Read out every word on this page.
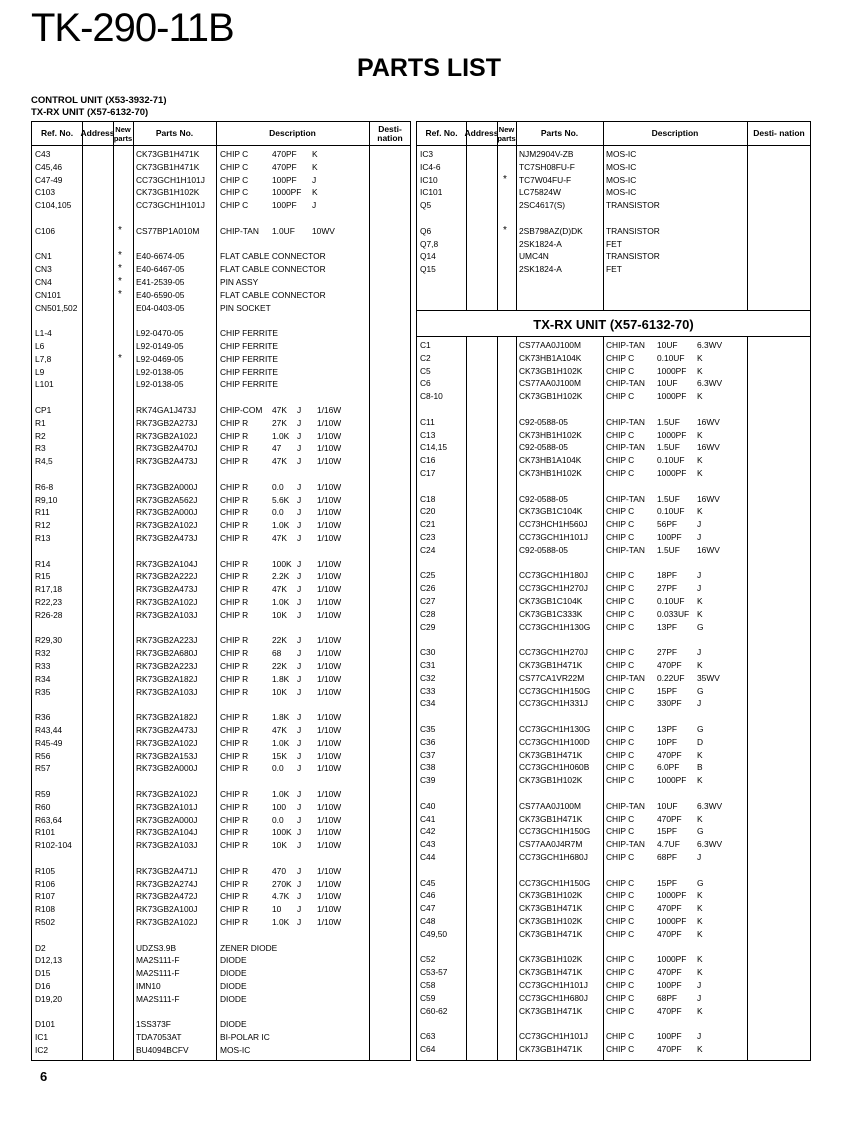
TK-290-11B
PARTS LIST
CONTROL UNIT (X53-3932-71)
TX-RX UNIT (X57-6132-70)
Ref. No. Address New parts	Parts No.	Description	Desti- nation
C43	CK73GB1H471K CHIP C	470PF K
C45,46	CK73GB1H471K CHIP C	470PF K
C47-49	CC73GCH1H101J CHIP C	100PF J
C103	CK73GB1H102K CHIP C	1000PF K
C104,105	CC73GCH1H101J CHIP C	100PF J
C106	* CS77BP1A010M CHIP-TAN 1.0UF 10WV
CN1	* E40-6674-05	FLAT CABLE CONNECTOR
CN3	* E40-6467-05	FLAT CABLE CONNECTOR
CN4	* E41-2539-05	PIN ASSY
CN101	* E40-6590-05	FLAT CABLE CONNECTOR
CN501,502	E04-0403-05	PIN SOCKET
L1-4	L92-0470-05	CHIP FERRITE
L6	L92-0149-05	CHIP FERRITE
L7,8	* L92-0469-05	CHIP FERRITE
L9	L92-0138-05	CHIP FERRITE
L101	L92-0138-05	CHIP FERRITE
CP1	RK74GA1J473J	CHIP-COM 47K J 1/16W
R1	RK73GB2A273J	CHIP R	27K J 1/10W
R2	RK73GB2A102J	CHIP R	1.0K J 1/10W
R3	RK73GB2A470J	CHIP R	47 J 1/10W
R4,5	RK73GB2A473J	CHIP R	47K J 1/10W
R6-8	RK73GB2A000J	CHIP R	0.0 J 1/10W
R9,10	RK73GB2A562J	CHIP R	5.6K J 1/10W
R11	RK73GB2A000J	CHIP R	0.0 J 1/10W
R12	RK73GB2A102J	CHIP R	1.0K J 1/10W
R13	RK73GB2A473J	CHIP R	47K J 1/10W
R14	RK73GB2A104J	CHIP R	100K J 1/10W
R15	RK73GB2A222J	CHIP R	2.2K J 1/10W
R17,18	RK73GB2A473J	CHIP R	47K J 1/10W
R22,23	RK73GB2A102J	CHIP R	1.0K J 1/10W
R26-28	RK73GB2A103J	CHIP R	10K J 1/10W
R29,30	RK73GB2A223J	CHIP R	22K J 1/10W
R32	RK73GB2A680J	CHIP R	68 J 1/10W
R33	RK73GB2A223J	CHIP R	22K J 1/10W
R34	RK73GB2A182J	CHIP R	1.8K J 1/10W
R35	RK73GB2A103J	CHIP R	10K J 1/10W
R36	RK73GB2A182J	CHIP R	1.8K J 1/10W
R43,44	RK73GB2A473J	CHIP R	47K J 1/10W
R45-49	RK73GB2A102J	CHIP R	1.0K J 1/10W
R56	RK73GB2A153J	CHIP R	15K J 1/10W
R57	RK73GB2A000J	CHIP R	0.0 J 1/10W
R59	RK73GB2A102J	CHIP R	1.0K J 1/10W
R60	RK73GB2A101J	CHIP R	100 J 1/10W
R63,64	RK73GB2A000J	CHIP R	0.0 J 1/10W
R101	RK73GB2A104J	CHIP R	100K J 1/10W
R102-104	RK73GB2A103J	CHIP R	10K J 1/10W
R105	RK73GB2A471J	CHIP R	470 J 1/10W
R106	RK73GB2A274J	CHIP R	270K J 1/10W
R107	RK73GB2A472J	CHIP R	4.7K J 1/10W
R108	RK73GB2A100J	CHIP R	10 J 1/10W
R502	RK73GB2A102J	CHIP R	1.0K J 1/10W
D2	UDZS3.9B	ZENER DIODE
D12,13	MA2S111-F	DIODE
D15	MA2S111-F	DIODE
D16	IMN10	DIODE
D19,20	MA2S111-F	DIODE
D101	1SS373F	DIODE
IC1	TDA7053AT	BI-POLAR IC
IC2	BU4094BCFV	MOS-IC
Ref. No. Address New parts	Parts No.	Description	Desti- nation
TX-RX UNIT (X57-6132-70)
IC3	NJM2904V-ZB	MOS-IC
IC4-6	TC7SH08FU-F	MOS-IC
IC10	* TC7W04FU-F	MOS-IC
IC101	LC75824W	MOS-IC
Q5	2SC4617(S)	TRANSISTOR
Q6	* 2SB798AZ(D)DK	TRANSISTOR
Q7,8	2SK1824-A	FET
Q14	UMC4N	TRANSISTOR
Q15	2SK1824-A	FET
C1	CS77AA0J100M	CHIP-TAN 10UF 6.3WV
C2	CK73HB1A104K	CHIP C	0.10UF K
C5	CK73GB1H102K	CHIP C	1000PF K
C6	CS77AA0J100M	CHIP-TAN 10UF 6.3WV
C8-10	CK73GB1H102K	CHIP C	1000PF K
C11	C92-0588-05	CHIP-TAN 1.5UF 16WV
C13	CK73HB1H102K	CHIP C	1000PF K
C14,15	C92-0588-05	CHIP-TAN 1.5UF 16WV
C16	CK73HB1A104K	CHIP C	0.10UF K
C17	CK73HB1H102K	CHIP C	1000PF K
C18	C92-0588-05	CHIP-TAN 1.5UF 16WV
C20	CK73GB1C104K	CHIP C	0.10UF K
C21	CC73HCH1H560J CHIP C	56PF J
C23	CC73GCH1H101J CHIP C	100PF J
C24	C92-0588-05	CHIP-TAN 1.5UF 16WV
C25	CC73GCH1H180J CHIP C	18PF J
C26	CC73GCH1H270J CHIP C	27PF J
C27	CK73GB1C104K	CHIP C	0.10UF K
C28	CK73GB1C333K	CHIP C	0.033UF K
C29	CC73GCH1H130G CHIP C	13PF G
C30	CC73GCH1H270J CHIP C	27PF J
C31	CK73GB1H471K	CHIP C	470PF K
C32	CS77CA1VR22M	CHIP-TAN 0.22UF 35WV
C33	CC73GCH1H150G CHIP C	15PF G
C34	CC73GCH1H331J CHIP C	330PF J
C35	CC73GCH1H130G CHIP C	13PF G
C36	CC73GCH1H100D CHIP C	10PF D
C37	CK73GB1H471K	CHIP C	470PF K
C38	CC73GCH1H060B CHIP C	6.0PF B
C39	CK73GB1H102K	CHIP C	1000PF K
C40	CS77AA0J100M	CHIP-TAN 10UF 6.3WV
C41	CK73GB1H471K	CHIP C	470PF K
C42	CC73GCH1H150G CHIP C	15PF G
C43	CS77AA0J4R7M	CHIP-TAN 4.7UF 6.3WV
C44	CC73GCH1H680J CHIP C	68PF J
C45	CC73GCH1H150G CHIP C	15PF G
C46	CK73GB1H102K	CHIP C	1000PF K
C47	CK73GB1H471K	CHIP C	470PF K
C48	CK73GB1H102K	CHIP C	1000PF K
C49,50	CK73GB1H471K	CHIP C	470PF K
C52	CK73GB1H102K	CHIP C	1000PF K
C53-57	CK73GB1H471K	CHIP C	470PF K
C58	CC73GCH1H101J CHIP C	100PF J
C59	CC73GCH1H680J CHIP C	68PF J
C60-62	CK73GB1H471K	CHIP C	470PF K
C63	CC73GCH1H101J CHIP C	100PF J
C64	CK73GB1H471K	CHIP C	470PF K
6
